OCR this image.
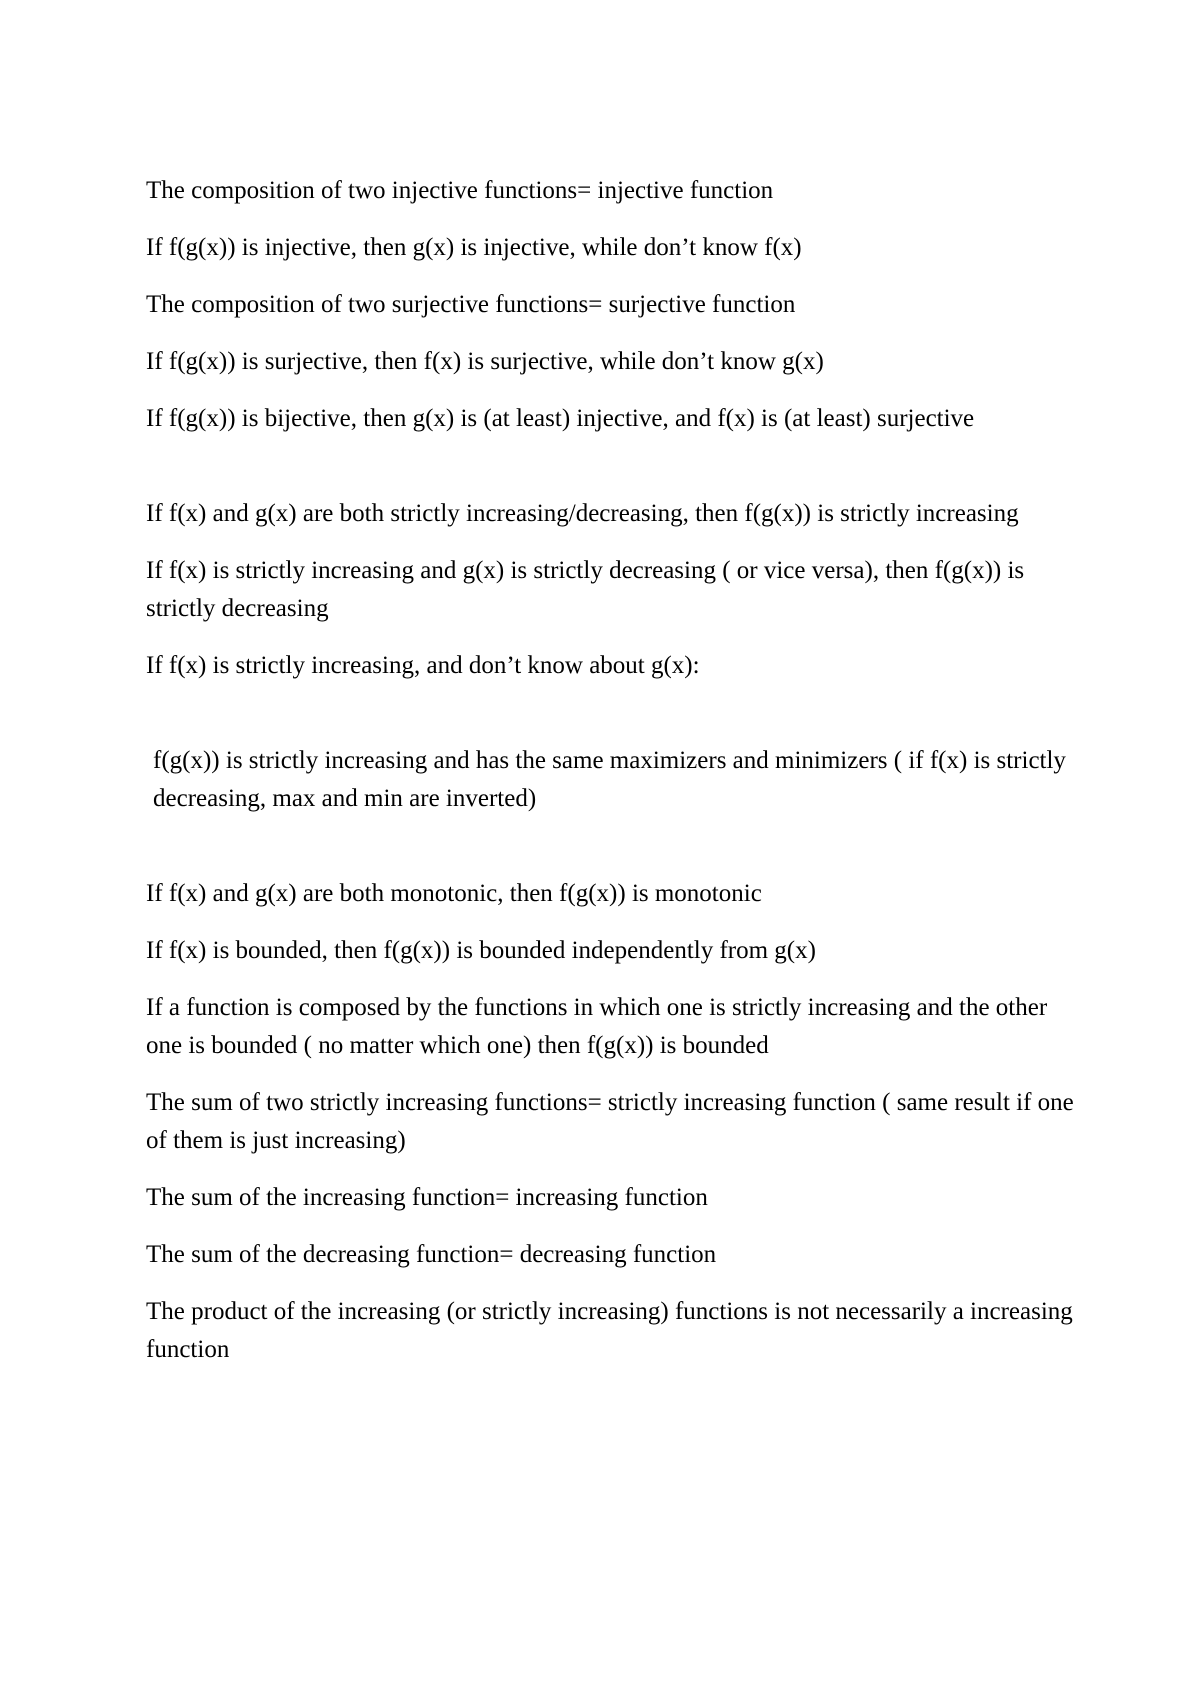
The composition of two injective functions= injective function

If f(g(x)) is injective, then g(x) is injective, while don’t know f(x)

The composition of two surjective functions= surjective function

If f(g(x)) is surjective, then f(x) is surjective, while don’t know g(x)

If f(g(x)) is bijective, then g(x) is (at least) injective, and f(x) is (at least) surjective

If f(x) and g(x) are both strictly increasing/decreasing, then f(g(x)) is strictly increasing

If f(x) is strictly increasing and g(x) is strictly decreasing ( or vice versa), then f(g(x)) is strictly decreasing

If f(x) is strictly increasing, and don’t know about g(x):

f(g(x)) is strictly increasing and has the same maximizers and minimizers ( if f(x) is strictly decreasing, max and min are inverted)

If f(x) and g(x) are both monotonic, then f(g(x)) is monotonic

If f(x) is bounded, then f(g(x)) is bounded independently from g(x)

If a function is composed by the functions in which one is strictly increasing and the other one is bounded ( no matter which one) then f(g(x)) is bounded

The sum of two strictly increasing functions= strictly increasing function ( same result if one of them is just increasing)

The sum of the increasing function= increasing function

The sum of the decreasing function= decreasing function

The product of the increasing (or strictly increasing) functions is not necessarily a increasing function
